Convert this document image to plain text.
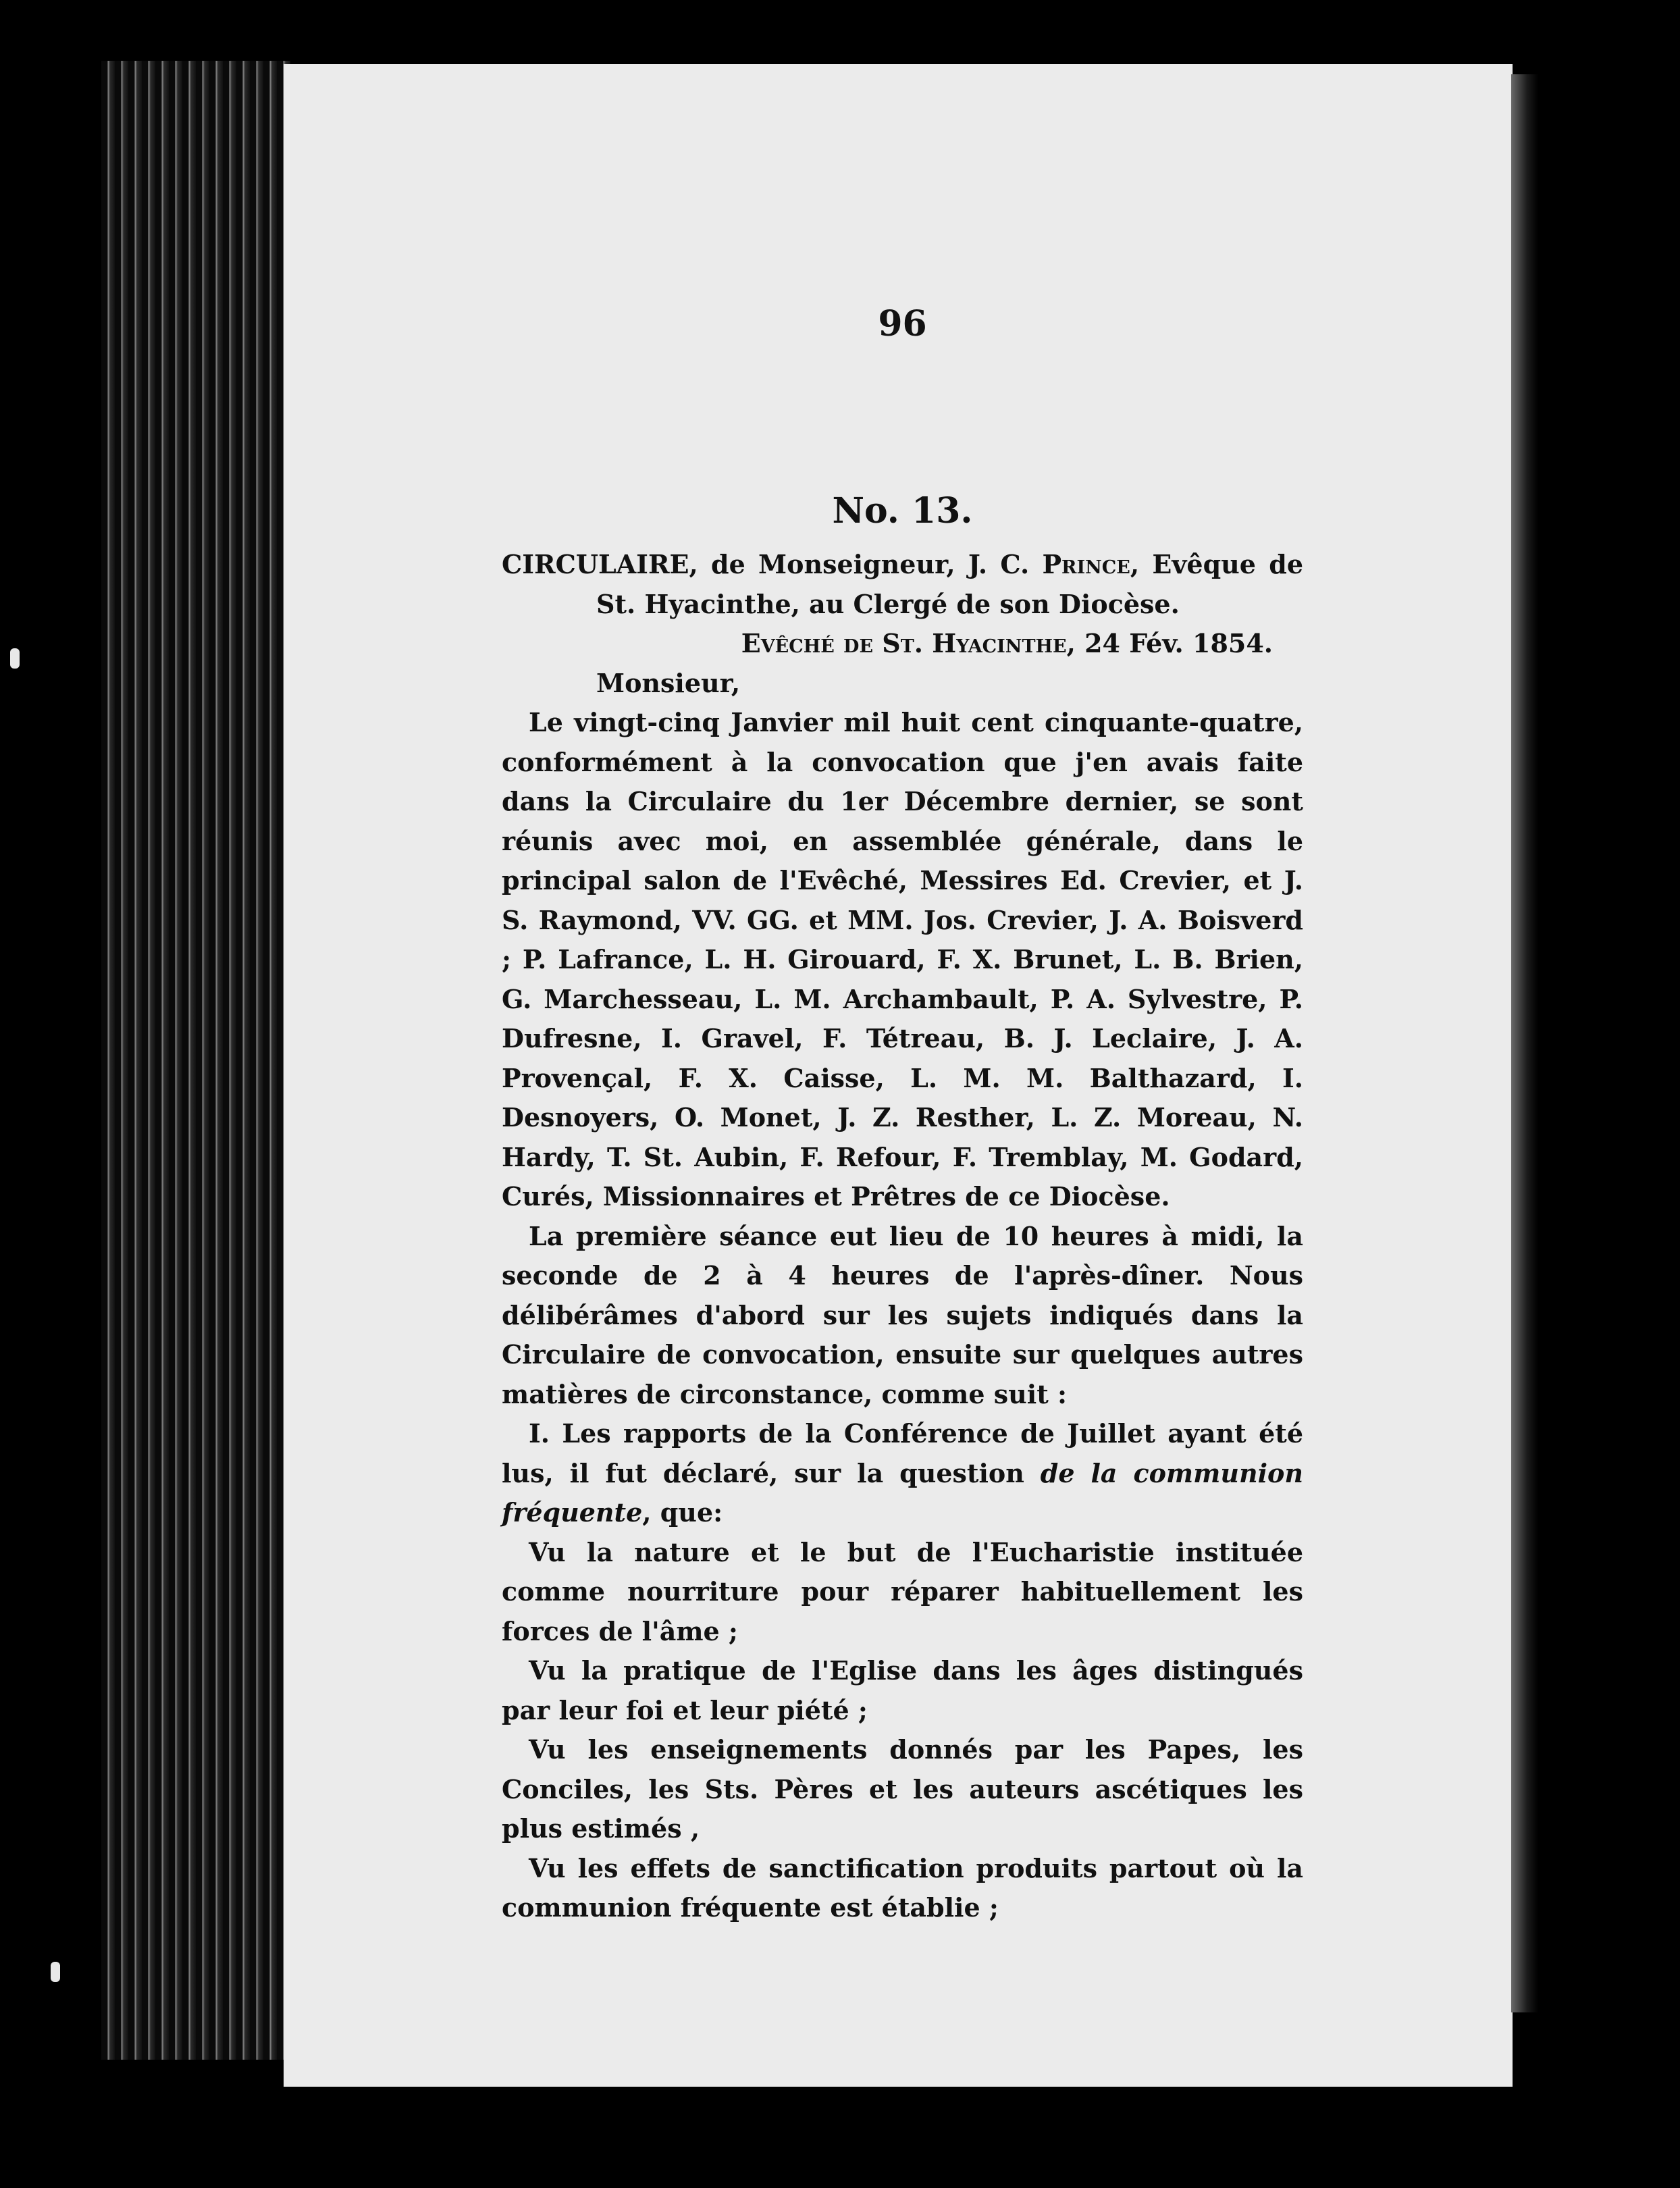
96

No. 13.

CIRCULAIRE, de Monseigneur, J. C. Prince, Evêque de

St. Hyacinthe, au Clergé de son Diocèse.

Evêché de St. Hyacinthe, 24 Fév. 1854.

Monsieur,

Le vingt-cinq Janvier mil huit cent cinquante-quatre, conformément à la convocation que j'en avais faite dans la Circulaire du 1er Décembre dernier, se sont réunis avec moi, en assemblée générale, dans le principal salon de l'Evêché, Messires Ed. Crevier, et J. S. Raymond, VV. GG. et MM. Jos. Crevier, J. A. Boisverd ; P. Lafrance, L. H. Girouard, F. X. Brunet, L. B. Brien, G. Marchesseau, L. M. Archambault, P. A. Sylvestre, P. Dufresne, I. Gravel, F. Tétreau, B. J. Leclaire, J. A. Provençal, F. X. Caisse, L. M. M. Balthazard, I. Desnoyers, O. Monet, J. Z. Resther, L. Z. Moreau, N. Hardy, T. St. Aubin, F. Refour, F. Tremblay, M. Godard, Curés, Missionnaires et Prêtres de ce Diocèse.

La première séance eut lieu de 10 heures à midi, la seconde de 2 à 4 heures de l'après-dîner. Nous délibérâmes d'abord sur les sujets indiqués dans la Circulaire de convocation, ensuite sur quelques autres matières de circonstance, comme suit :

I. Les rapports de la Conférence de Juillet ayant été lus, il fut déclaré, sur la question de la communion fréquente, que:

Vu la nature et le but de l'Eucharistie instituée comme nourriture pour réparer habituellement les forces de l'âme ;

Vu la pratique de l'Eglise dans les âges distingués par leur foi et leur piété ;

Vu les enseignements donnés par les Papes, les Conciles, les Sts. Pères et les auteurs ascétiques les plus estimés ,

Vu les effets de sanctification produits partout où la communion fréquente est établie ;
